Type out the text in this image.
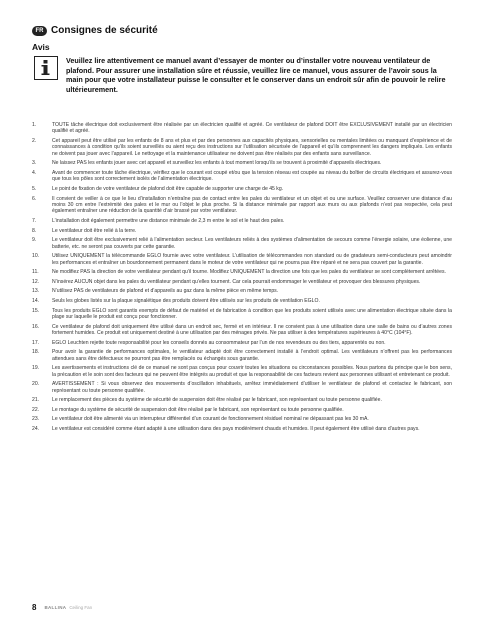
FR Consignes de sécurité
Avis
Veuillez lire attentivement ce manuel avant d’essayer de monter ou d’installer votre nouveau ventilateur de plafond. Pour assurer une installation sûre et réussie, veuillez lire ce manuel, vous assurer de l’avoir sous la main pour que votre installateur puisse le consulter et le conserver dans un endroit sûr afin de pouvoir le relire ultérieurement.
1.	TOUTE tâche électrique doit exclusivement être réalisée par un électricien qualifié et agréé. Ce ventilateur de plafond DOIT être EXCLUSIVEMENT installé par un électricien qualifié et agréé.
2.	Cet appareil peut être utilisé par les enfants de 8 ans et plus et par des personnes aux capacités physiques, sensorielles ou mentales limitées ou manquant d’expérience et de connaissances à condition qu’ils soient surveillés ou aient reçu des instructions sur l’utilisation sécurisée de l’appareil et qu’ils comprennent les dangers impliqués. Les enfants ne doivent pas jouer avec l’appareil. Le nettoyage et la maintenance utilisateur ne doivent pas être réalisés par des enfants sans surveillance.
3.	Ne laissez PAS les enfants jouer avec cet appareil et surveillez les enfants à tout moment lorsqu’ils se trouvent à proximité d’appareils électriques.
4.	Avant de commencer toute tâche électrique, vérifiez que le courant est coupé et/ou que la tension réseau est coupée au niveau du boîtier de circuits électriques et assurez-vous que tous les pôles sont correctement isolés de l’alimentation électrique.
5.	Le point de fixation de votre ventilateur de plafond doit être capable de supporter une charge de 45 kg.
6.	Il convient de veiller à ce que le lieu d’installation n’entraîne pas de contact entre les pales du ventilateur et un objet et ou une surface. Veuillez conserver une distance d’au moins 30 cm entre l’extrémité des pales et le mur ou l’objet le plus proche. Si la distance minimale par rapport aux murs ou aux plafonds n’est pas respectée, cela peut également entraîner une réduction de la quantité d’air brassé par votre ventilateur.
7.	L’installation doit également permettre une distance minimale de 2,3 m entre le sol et le haut des pales.
8.	Le ventilateur doit être relié à la terre.
9.	Le ventilateur doit être exclusivement relié à l’alimentation secteur. Les ventilateurs reliés à des systèmes d’alimentation de secours comme l’énergie solaire, une éolienne, une batterie, etc. ne seront pas couverts par cette garantie.
10.	Utilisez UNIQUEMENT la télécommande EGLO fournie avec votre ventilateur. L’utilisation de télécommandes non standard ou de gradateurs semi-conducteurs peut amoindrir les performances et entraîner un bourdonnement permanent dans le moteur de votre ventilateur qui ne pourra pas être réparé et ne sera pas couvert par la garantie.
11.	Ne modifiez PAS la direction de votre ventilateur pendant qu’il tourne. Modifiez UNIQUEMENT la direction une fois que les pales du ventilateur se sont complètement arrêtées.
12.	N’insérez AUCUN objet dans les pales du ventilateur pendant qu’elles tournent. Car cela pourrait endommager le ventilateur et provoquer des blessures physiques.
13.	N’utilisez PAS de ventilateurs de plafond et d’appareils au gaz dans la même pièce en même temps.
14.	Seuls les globes listés sur la plaque signalétique des produits doivent être utilisés sur les produits de ventilation EGLO.
15.	Tous les produits EGLO sont garantis exempts de défaut de matériel et de fabrication à condition que les produits soient utilisés avec une alimentation électrique située dans la plage sur laquelle le produit est conçu pour fonctionner.
16.	Ce ventilateur de plafond doit uniquement être utilisé dans un endroit sec, fermé et en intérieur. Il ne convient pas à une utilisation dans une salle de bains ou d’autres zones fortement humides. Ce produit est uniquement destiné à une utilisation par des ménages privés. Ne pas utiliser à des températures supérieures à 40°C (104°F).
17.	EGLO Leuchten rejette toute responsabilité pour les conseils donnés au consommateur par l’un de nos revendeurs ou des tiers, apparentés ou non.
18.	Pour avoir la garantie de performances optimales, le ventilateur adapté doit être correctement installé à l’endroit optimal. Les ventilateurs n’offrent pas les performances attendues sans être défectueux ne pourront pas être remplacés ou échangés sous garantie.
19.	Les avertissements et instructions clé de ce manuel ne sont pas conçus pour couvrir toutes les situations ou circonstances possibles. Nous partons du principe que le bon sens, la précaution et le soin sont des facteurs qui ne peuvent être intégrés au produit et que la responsabilité de ces facteurs revient aux personnes utilisant et entretenant ce produit.
20.	AVERTISSEMENT : Si vous observez des mouvements d’oscillation inhabituels, arrêtez immédiatement d’utiliser le ventilateur de plafond et contactez le fabricant, son représentant ou toute personne qualifiée.
21.	Le remplacement des pièces du système de sécurité de suspension doit être réalisé par le fabricant, son représentant ou toute personne qualifiée.
22.	Le montage du système de sécurité de suspension doit être réalisé par le fabricant, son représentant ou toute personne qualifiée.
23.	Le ventilateur doit être alimenté via un interrupteur différentiel d’un courant de fonctionnement résiduel nominal ne dépassant pas les 30 mA.
24.	Le ventilateur est considéré comme étant adapté à une utilisation dans des pays modérément chauds et humides. Il peut également être utilisé dans d’autres pays.
8 BALLINA Ceiling Fan
